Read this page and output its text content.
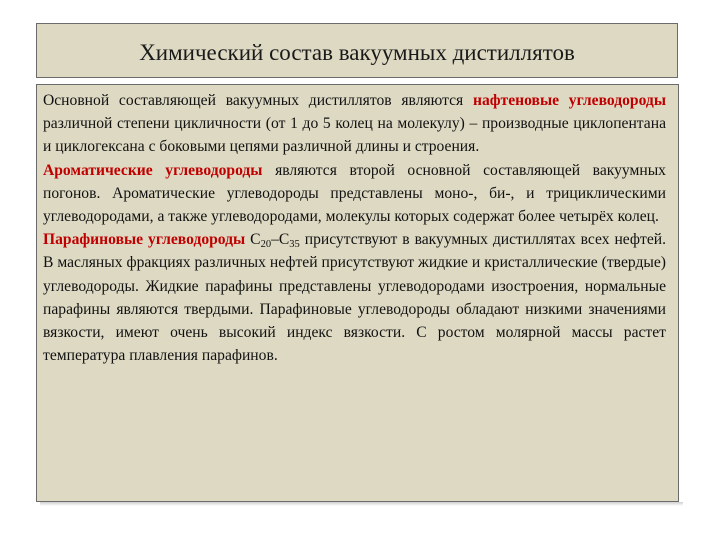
Химический состав вакуумных дистиллятов

Основной составляющей вакуумных дистиллятов являются нафтеновые углеводороды различной степени цикличности (от 1 до 5 колец на молекулу) – производные циклопентана и циклогексана с боковыми цепями различной длины и строения.

Ароматические углеводороды являются второй основной составляющей вакуумных погонов. Ароматические углеводороды представлены моно-, би-, и трициклическими углеводородами, а также углеводородами, молекулы которых содержат более четырёх колец.

Парафиновые углеводороды $C_{20}-C_{35}$ присутствуют в вакуумных дистиллятах всех нефтей. В масляных фракциях различных нефтей присутствуют жидкие и кристаллические (твердые) углеводороды. Жидкие парафины представлены углеводородами изостроения, нормальные парафины являются твердыми. Парафиновые углеводороды обладают низкими значениями вязкости, имеют очень высокий индекс вязкости. С ростом молярной массы растет температура плавления парафинов.
